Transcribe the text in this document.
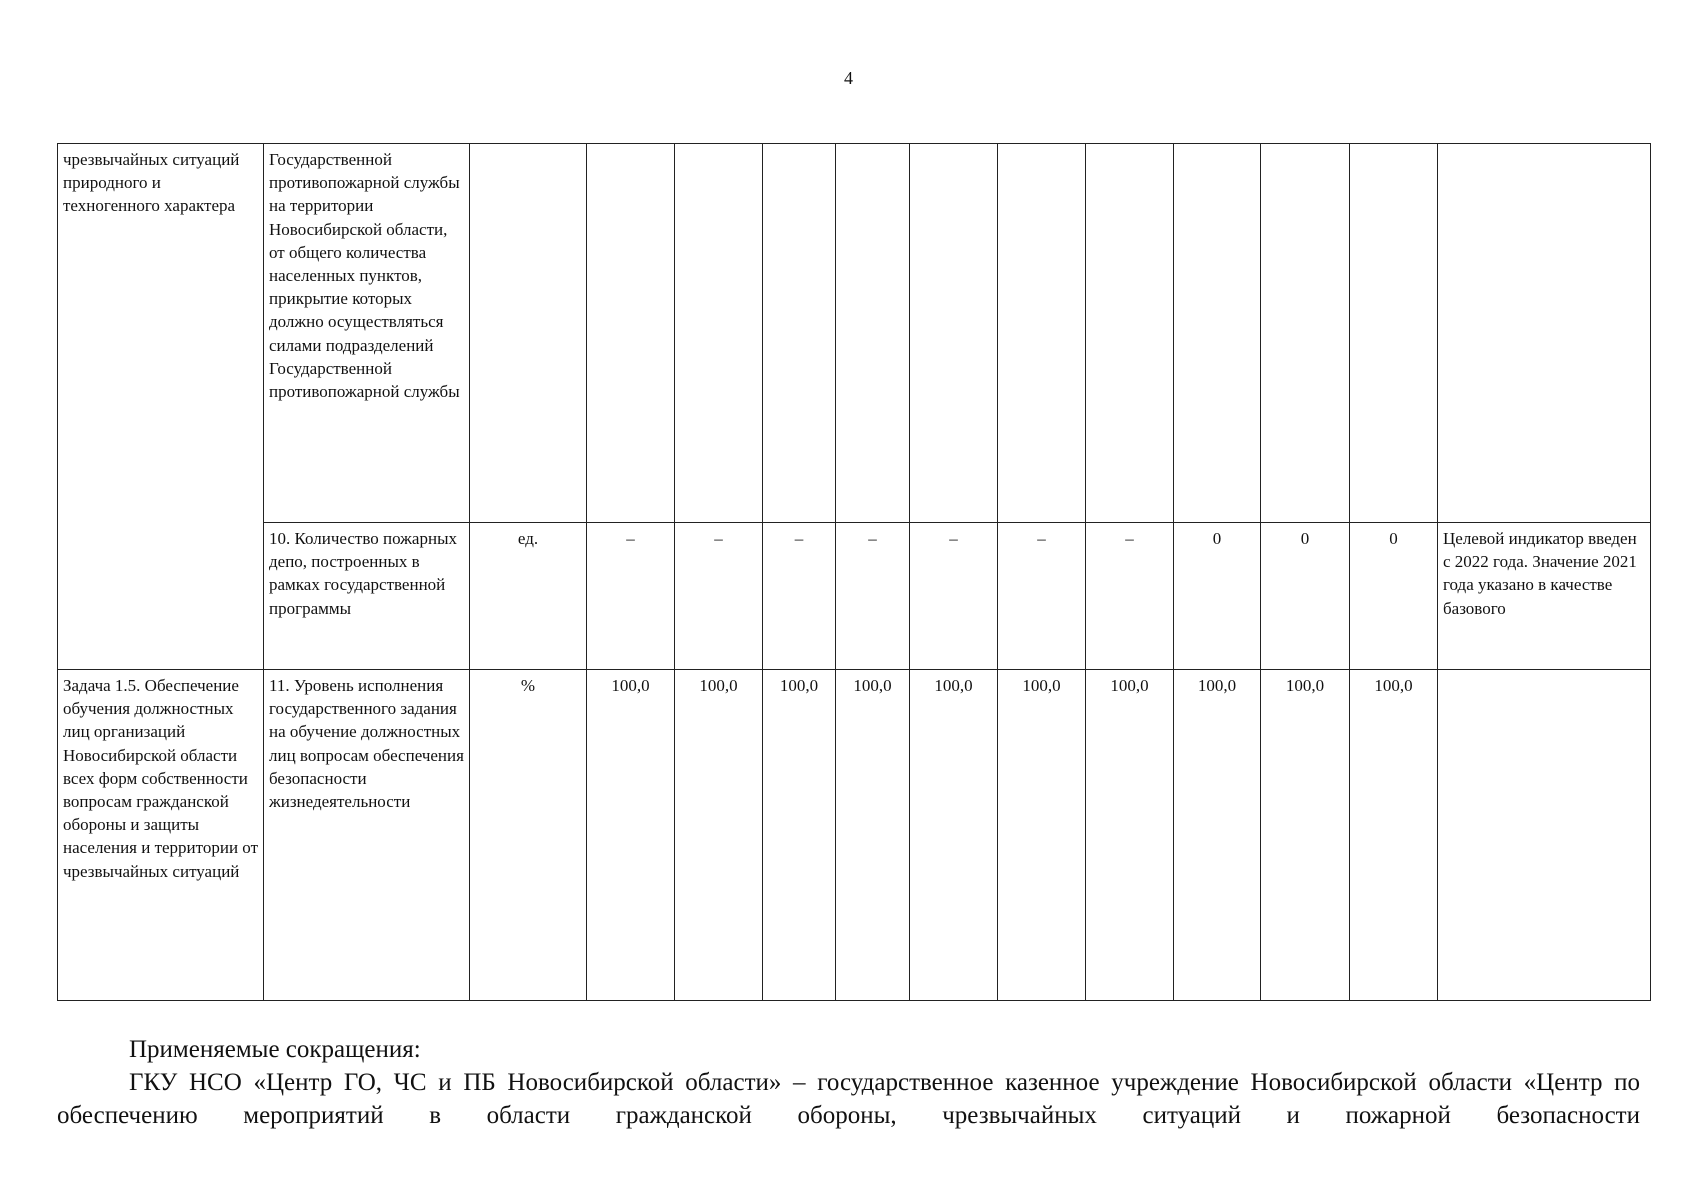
4
чрезвычайных ситуаций природного и техногенного характера	Государственной противопожарной службы на территории Новосибирской области, от общего количества населенных пунктов, прикрытие которых должно осуществляться силами подразделений Государственной противопожарной службы												
	10. Количество пожарных депо, построенных в рамках государственной программы	ед.	–	–	–	–	–	–	–	0	0	0	Целевой индикатор введен с 2022 года. Значение 2021 года указано в качестве базового
Задача 1.5. Обеспечение обучения должностных лиц организаций Новосибирской области всех форм собственности вопросам гражданской обороны и защиты населения и территории от чрезвычайных ситуаций	11. Уровень исполнения государственного задания на обучение должностных лиц вопросам обеспечения безопасности жизнедеятельности	%	100,0	100,0	100,0	100,0	100,0	100,0	100,0	100,0	100,0	100,0	

Применяемые сокращения:

ГКУ НСО «Центр ГО, ЧС и ПБ Новосибирской области» – государственное казенное учреждение Новосибирской области «Центр по обеспечению мероприятий в области гражданской обороны, чрезвычайных ситуаций и пожарной безопасности
